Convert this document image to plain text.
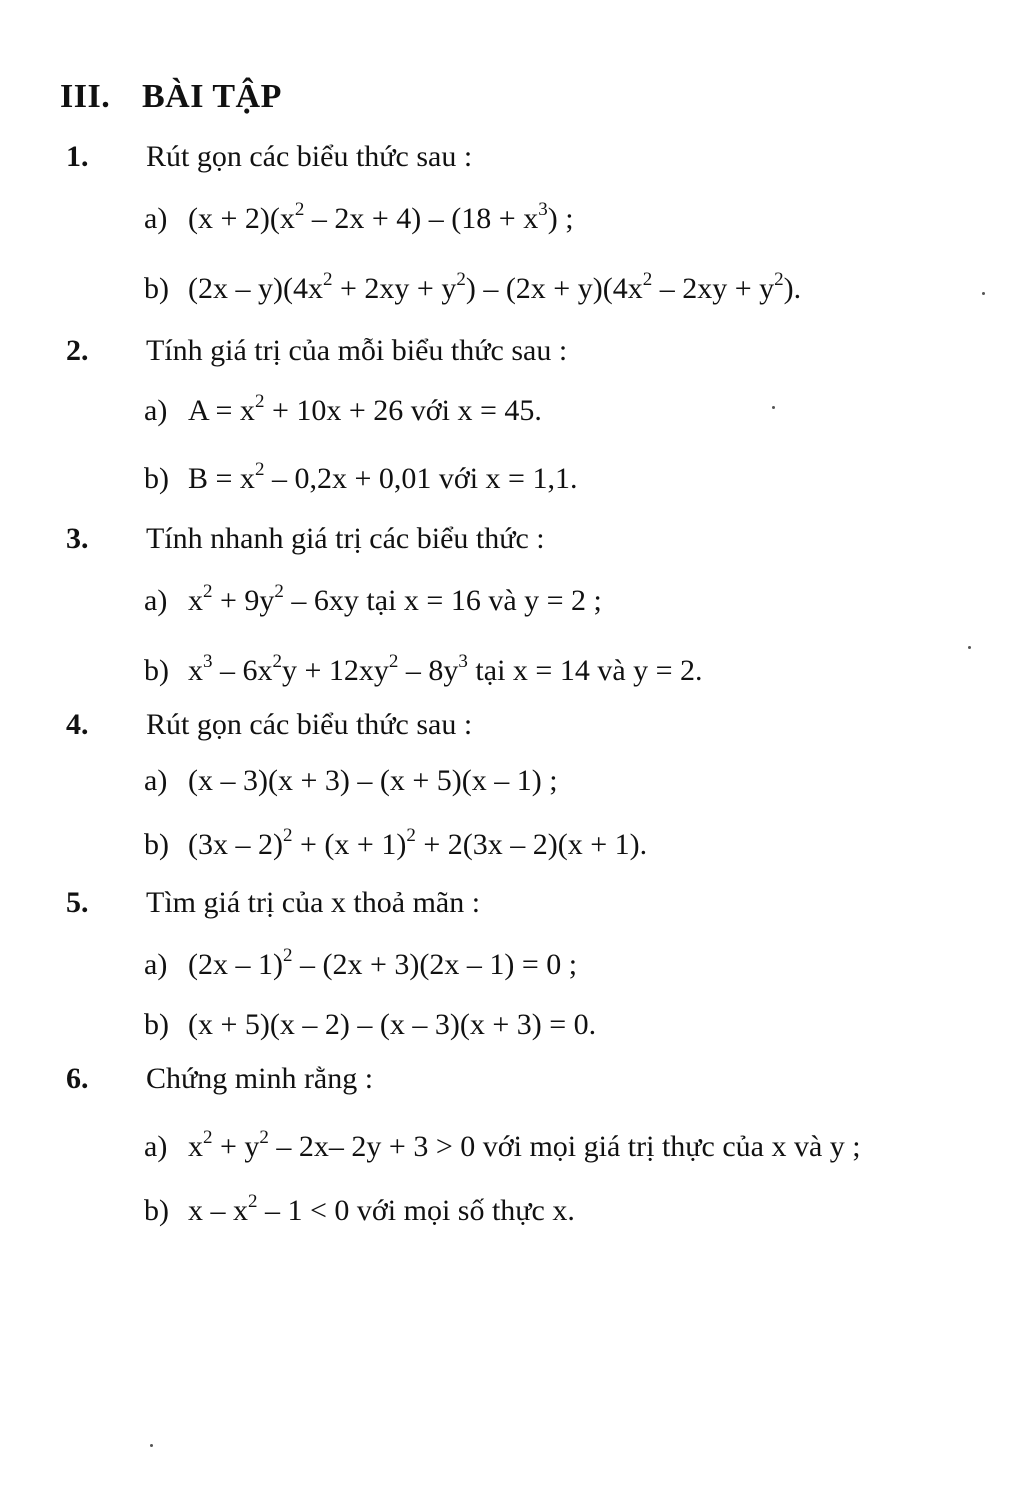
III. BÀI TẬP
1. Rút gọn các biểu thức sau :
a) $(x + 2)(x^2 - 2x + 4) - (18 + x^3)$ ;
b) $(2x - y)(4x^2 + 2xy + y^2) - (2x + y)(4x^2 - 2xy + y^2)$.
2. Tính giá trị của mỗi biểu thức sau :
a) $A = x^2 + 10x + 26$ với x = 45.
b) $B = x^2 - 0,2x + 0,01$ với x = 1,1.
3. Tính nhanh giá trị các biểu thức :
a) $x^2 + 9y^2 - 6xy$ tại x = 16 và y = 2 ;
b) $x^3 - 6x^2y + 12xy^2 - 8y^3$ tại x = 14 và y = 2.
4. Rút gọn các biểu thức sau :
a) (x – 3)(x + 3) – (x + 5)(x – 1) ;
b) $(3x - 2)^2 + (x + 1)^2 + 2(3x - 2)(x + 1)$.
5. Tìm giá trị của x thoả mãn :
a) (2x – 1)$^2$ – (2x + 3)(2x – 1) = 0 ;
b) (x + 5)(x – 2) – (x – 3)(x + 3) = 0.
6. Chứng minh rằng :
a) $x^2 + y^2 - 2x-$ 2y + 3 > 0 với mọi giá trị thực của x và y ;
b) $x - x^2 - 1 < 0$ với mọi số thực x.
